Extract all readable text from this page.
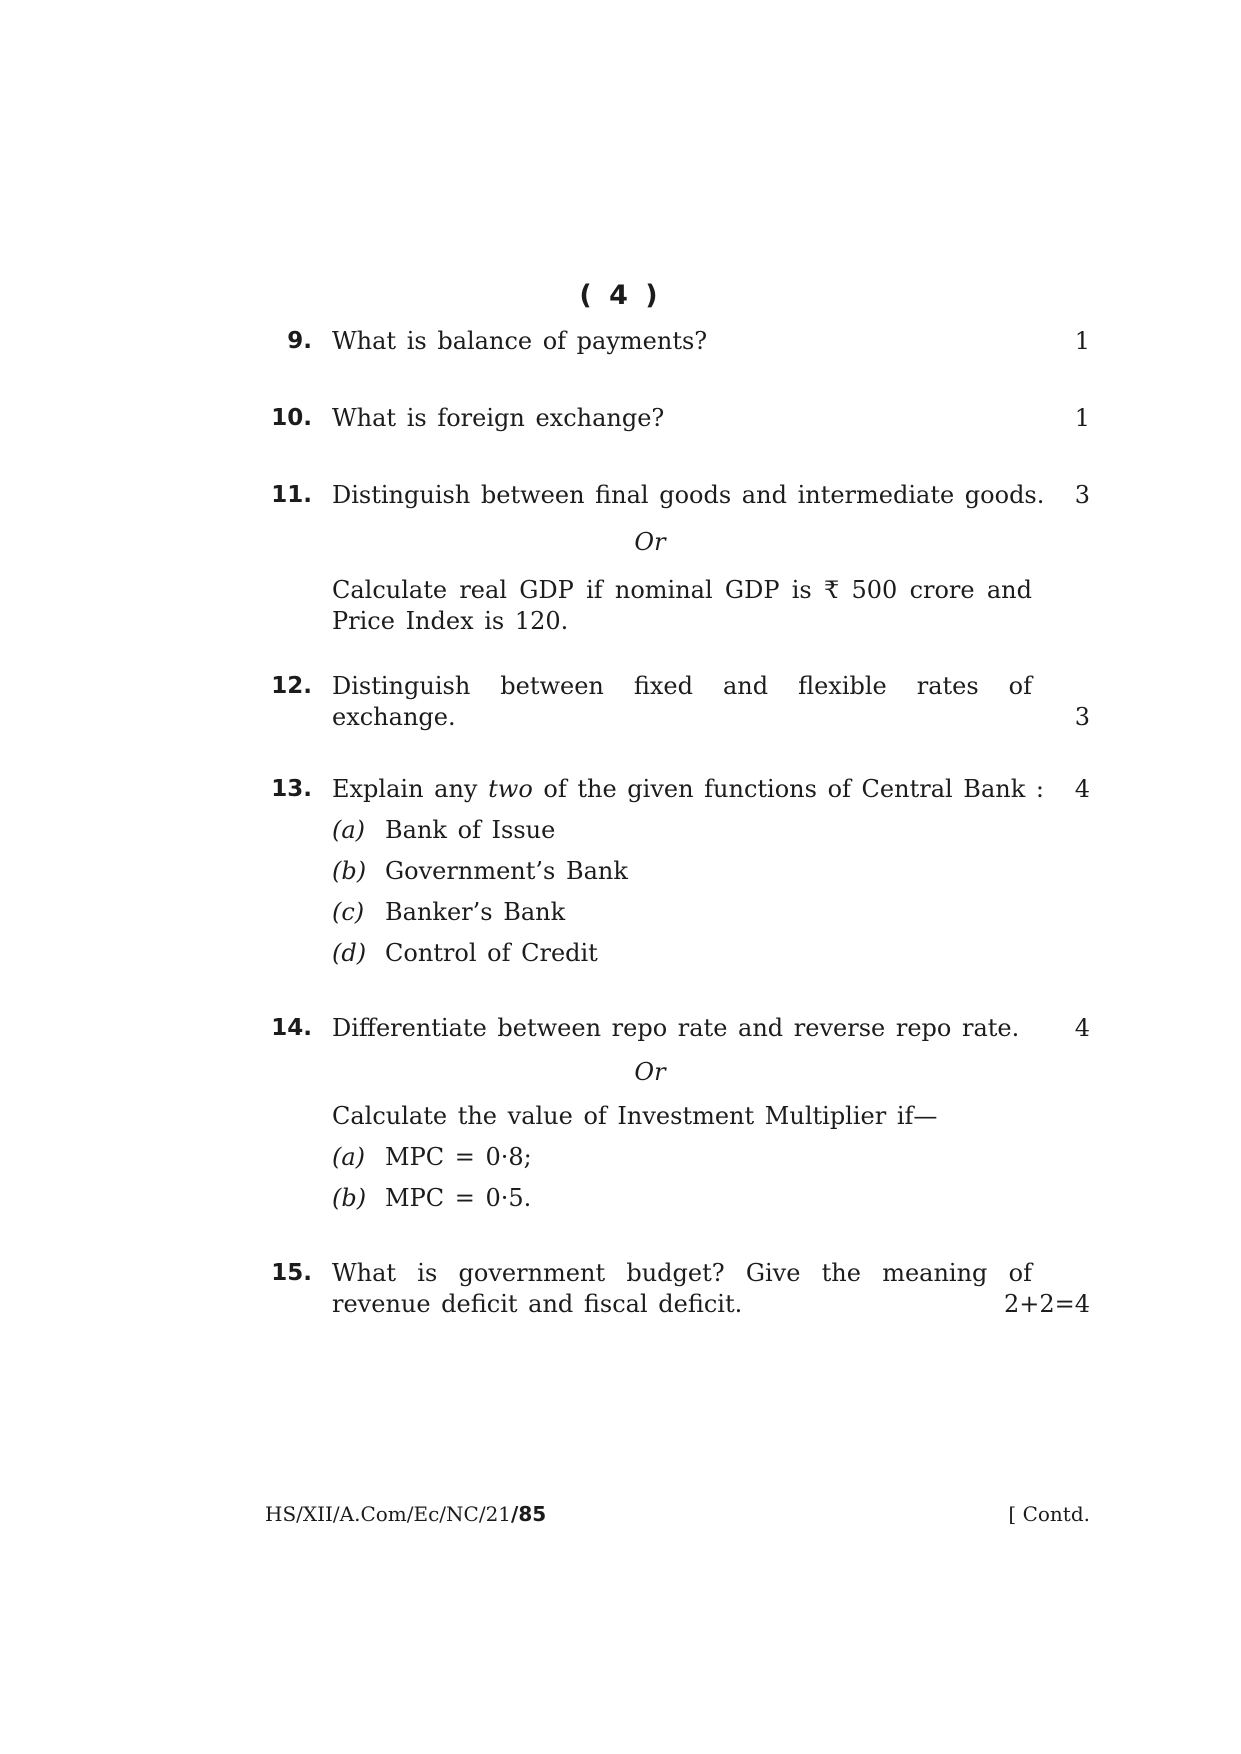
( 4 )
9. What is balance of payments?	1
10. What is foreign exchange?	1
11. Distinguish between final goods and intermediate goods.	3
Or
Calculate real GDP if nominal GDP is ₹ 500 crore and
Price Index is 120.
12. Distinguish between fixed and flexible rates of
exchange.	3
13. Explain any two of the given functions of Central Bank :	4
(a) Bank of Issue
(b) Government’s Bank
(c) Banker’s Bank
(d) Control of Credit
14. Differentiate between repo rate and reverse repo rate.	4
Or
Calculate the value of Investment Multiplier if—
(a) MPC = 0·8;
(b) MPC = 0·5.
15. What is government budget? Give the meaning of
revenue deficit and fiscal deficit.	2+2=4
HS/XII/A.Com/Ec/NC/21/85	[ Contd.
